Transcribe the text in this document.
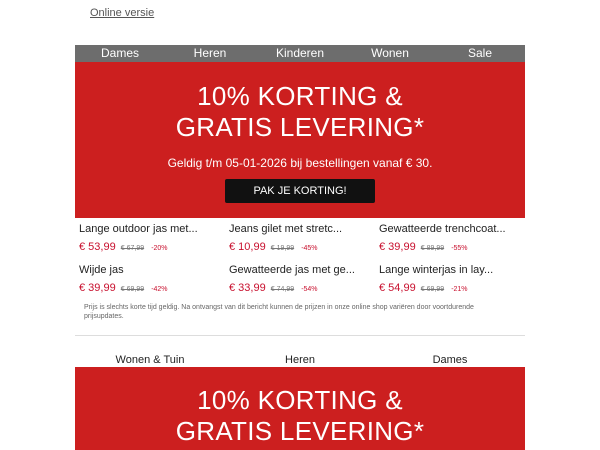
Online versie
Dames	Heren	Kinderen	Wonen	Sale
10% KORTING &
GRATIS LEVERING*
Geldig t/m 05-01-2026 bij bestellingen vanaf € 30.
PAK JE KORTING!
Lange outdoor jas met...
€ 53,99 € 67,99 -20%
Jeans gilet met stretc...
€ 10,99 € 19,99 -45%
Gewatteerde trenchcoat...
€ 39,99 € 89,99 -55%
Wijde jas
€ 39,99 € 69,99 -42%
Gewatteerde jas met ge...
€ 33,99 € 74,99 -54%
Lange winterjas in lay...
€ 54,99 € 69,99 -21%

Prijs is slechts korte tijd geldig. Na ontvangst van dit bericht kunnen de prijzen in onze online shop variëren door voortdurende prijsupdates.

Wonen & Tuin	Heren	Dames
10% KORTING &
GRATIS LEVERING*
